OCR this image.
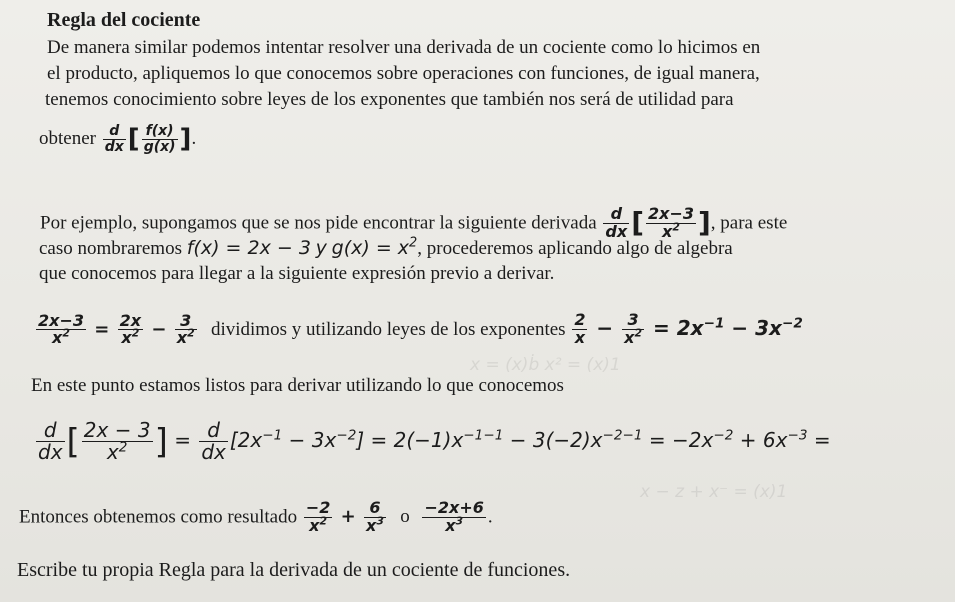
x = (x)ḃ x² = (x)1
x − z + x⁻ = (x)1
Regla del cociente
De manera similar podemos intentar resolver una derivada de un cociente como lo hicimos en
el producto, apliquemos lo que conocemos sobre operaciones con funciones, de igual manera,
tenemos conocimiento sobre leyes de los exponentes que también nos será de utilidad para
obtener $\frac{d}{dx}$ [ $\frac{f(x)}{g(x)}$ ].
Por ejemplo, supongamos que se nos pide encontrar la siguiente derivada $\frac{d}{dx}$ [ $\frac{2x-3}{x^2}$ ], para este
caso nombraremos f(x) = 2x − 3 y $g(x) = x^2$, procederemos aplicando algo de algebra
que conocemos para llegar a la siguiente expresión previo a derivar.
$\frac{2x-3}{x^2} = \frac{2x}{x^2} - \frac{3}{x^2}$ dividimos y utilizando leyes de los exponentes $\frac{2}{x} - \frac{3}{x^2} = 2x^{-1} - 3x^{-2}$
En este punto estamos listos para derivar utilizando lo que conocemos
$\frac{d}{dx}$ [ $\frac{2x - 3}{x^2}$ ] = $\frac{d}{dx} [2x^{-1} - 3x^{-2}] = 2(-1)x^{-1-1} - 3(-2)x^{-2-1} = -2x^{-2} + 6x^{-3}$ =
Entonces obtenemos como resultado $\frac{-2}{x^2} + \frac{6}{x^3}$ o $\frac{-2x+6}{x^3}$ .
Escribe tu propia Regla para la derivada de un cociente de funciones.
